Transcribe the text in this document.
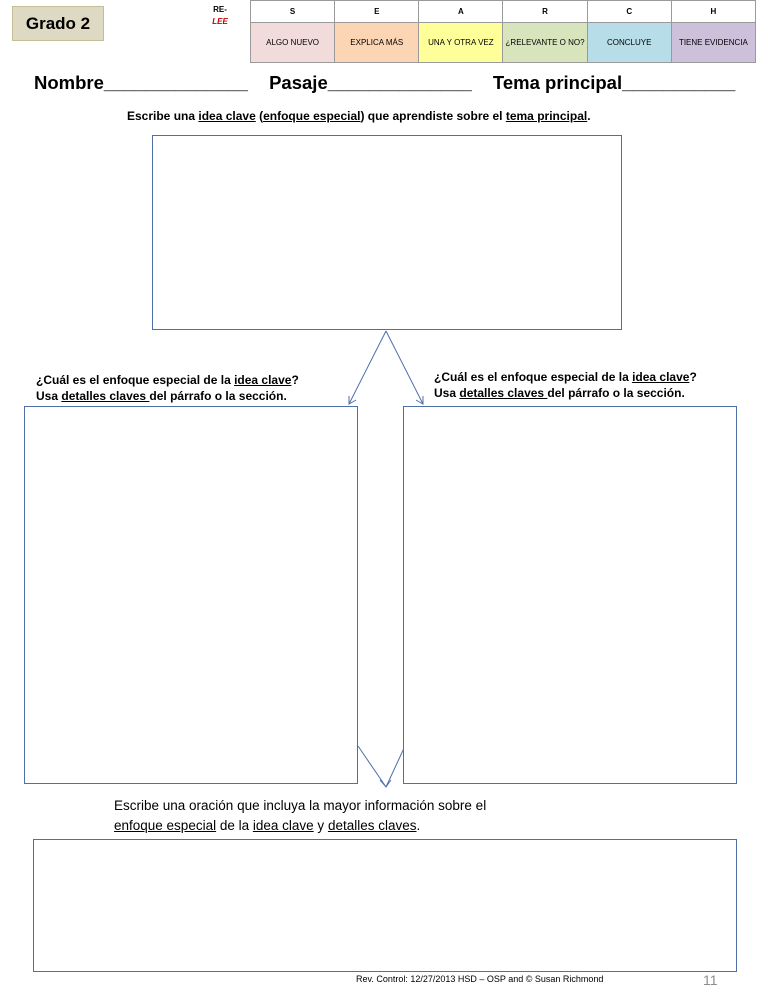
Grado 2
RE-
LEE
S	E	A	R	C	H
ALGO NUEVO	EXPLICA MÁS	UNA Y OTRA VEZ	¿RELEVANTE O NO?	CONCLUYE	TIENE EVIDENCIA
Nombre______________ Pasaje______________ Tema principal___________
Escribe una idea clave (enfoque especial) que aprendiste sobre el tema principal.
¿Cuál es el enfoque especial de la idea clave?
Usa detalles claves del párrafo o la sección.
¿Cuál es el enfoque especial de la idea clave?
Usa detalles claves del párrafo o la sección.
Escribe una oración que incluya la mayor información sobre el
enfoque especial de la idea clave y detalles claves.
Rev. Control: 12/27/2013 HSD – OSP and © Susan Richmond	11
